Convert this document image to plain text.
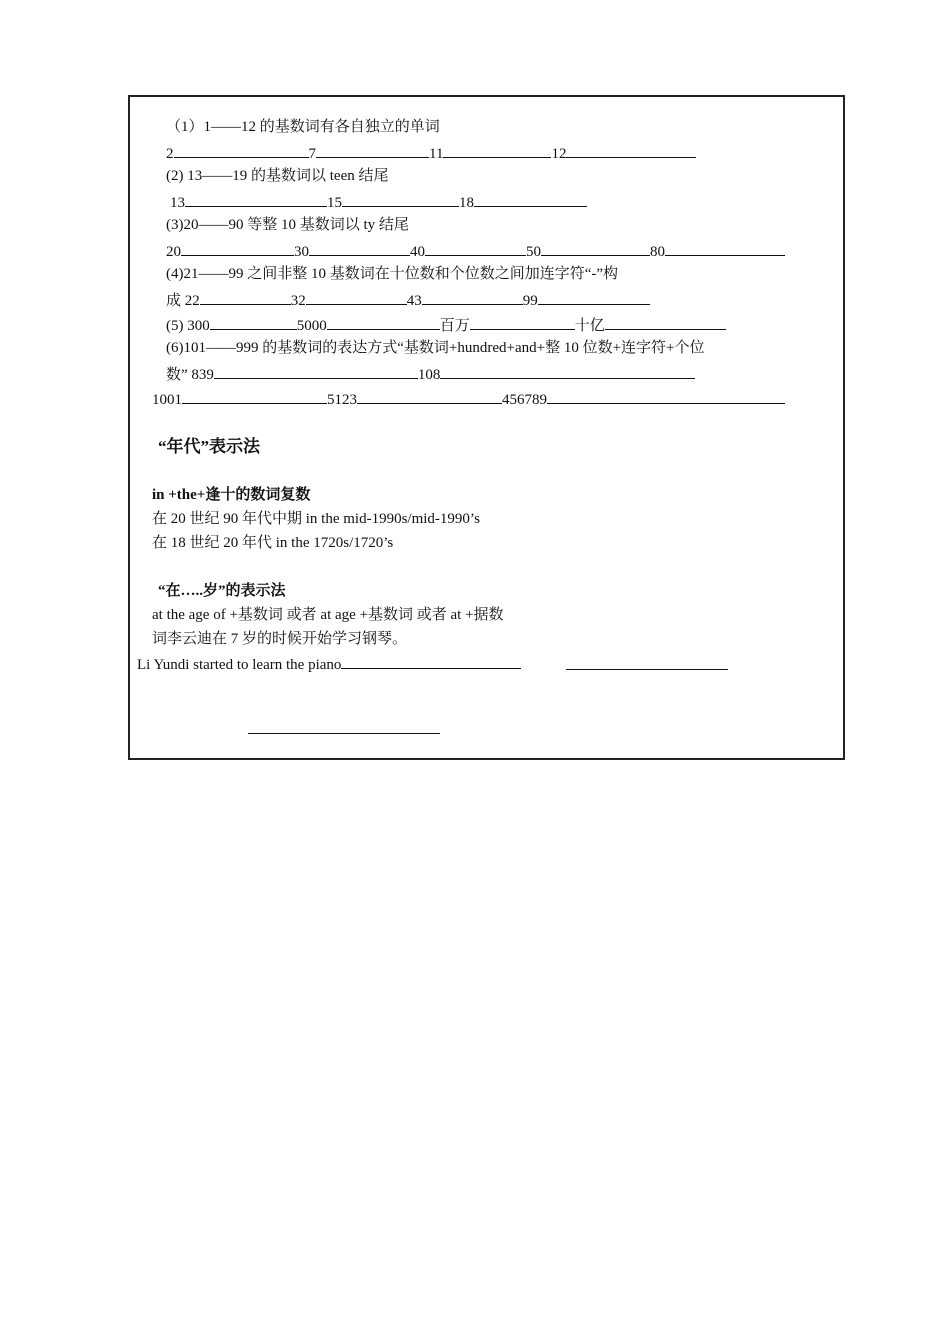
（1）1——12 的基数词有各自独立的单词
2	7	11	12
(2) 13——19 的基数词以 teen 结尾
13	15	18
(3)20——90 等整 10 基数词以 ty 结尾
20	30	40	50	80
(4)21——99 之间非整 10 基数词在十位数和个位数之间加连字符“-”构
成 22	32	43	99
(5) 300	5000	百万	十亿
(6)101——999 的基数词的表达方式“基数词+hundred+and+整 10 位数+连字符+个位
数” 839	108
1001	5123	456789
“年代”表示法
in +the+逢十的数词复数
在 20 世纪 90 年代中期 in the mid-1990s/mid-1990’s
在 18 世纪 20 年代 in the 1720s/1720’s
“在…..岁”的表示法
at the age of +基数词 或者 at age +基数词 或者 at +据数
词李云迪在 7 岁的时候开始学习钢琴。
Li Yundi started to learn the piano
